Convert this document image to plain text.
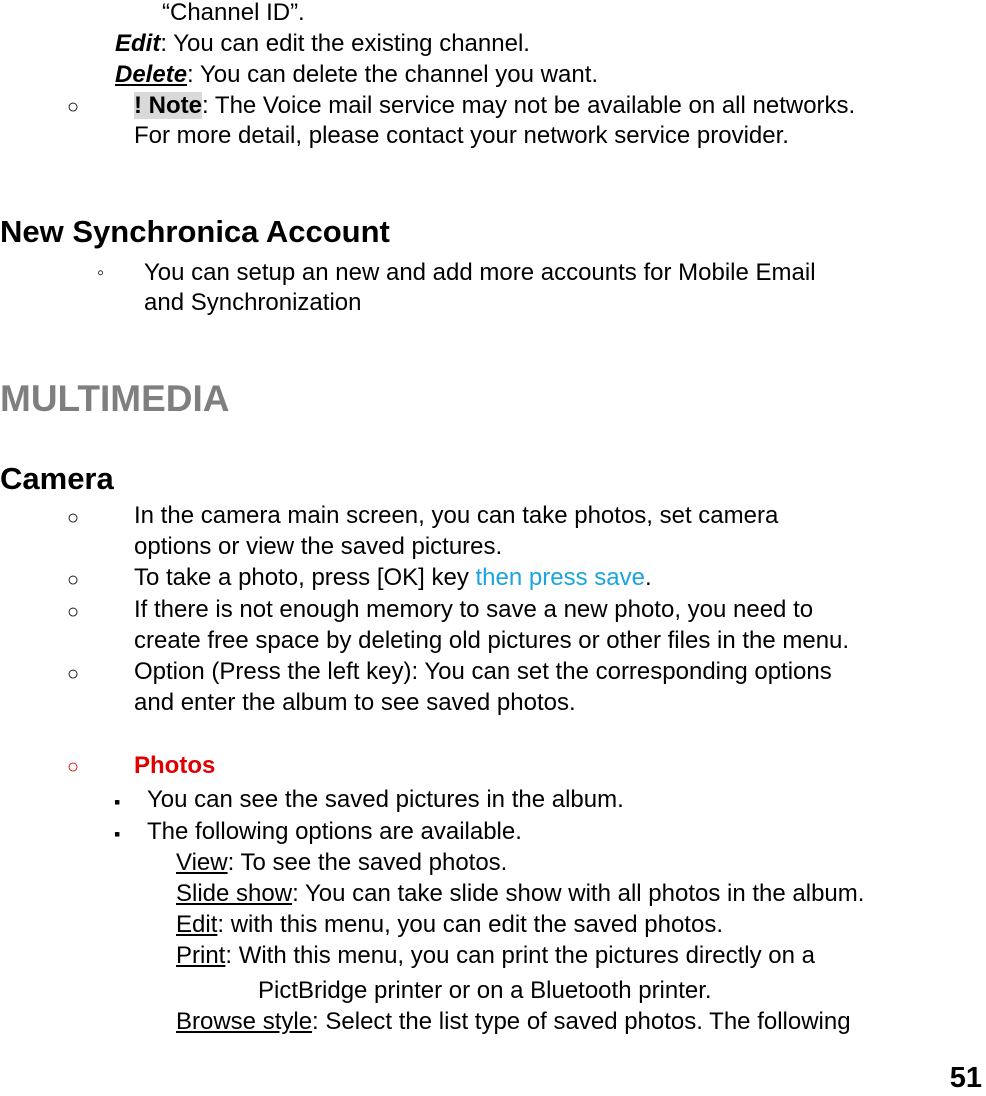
“Channel ID”.
Edit: You can edit the existing channel.
Delete: You can delete the channel you want.
○ ! Note: The Voice mail service may not be available on all networks.
For more detail, please contact your network service provider.
New Synchronica Account
◦ You can setup an new and add more accounts for Mobile Email
and Synchronization
MULTIMEDIA
Camera
○ In the camera main screen, you can take photos, set camera
options or view the saved pictures.
○ To take a photo, press [OK] key then press save.
○ If there is not enough memory to save a new photo, you need to
create free space by deleting old pictures or other files in the menu.
○ Option (Press the left key): You can set the corresponding options
and enter the album to see saved photos.
○ Photos
▪ You can see the saved pictures in the album.
▪ The following options are available.
View: To see the saved photos.
Slide show: You can take slide show with all photos in the album.
Edit: with this menu, you can edit the saved photos.
Print: With this menu, you can print the pictures directly on a
PictBridge printer or on a Bluetooth printer.
Browse style: Select the list type of saved photos. The following
51
